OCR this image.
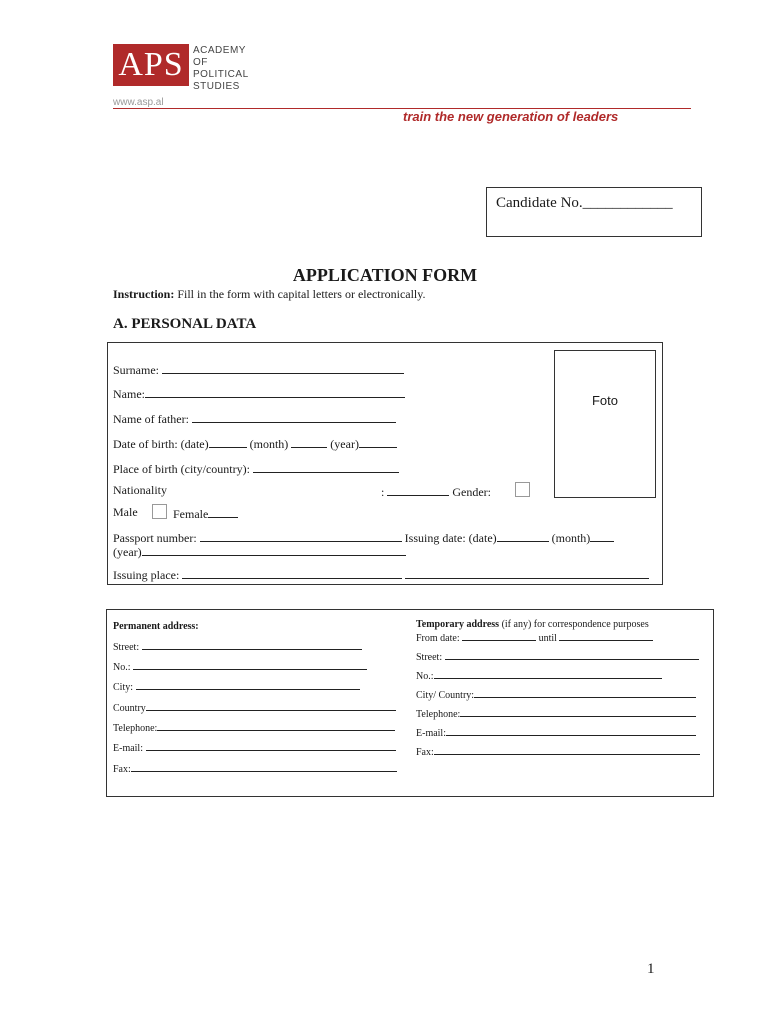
APS ACADEMY OF
POLITICAL
STUDIES
www.asp.al
train the new generation of leaders
Candidate No.____________
APPLICATION FORM
Instruction: Fill in the form with capital letters or electronically.
A. PERSONAL DATA
Foto
Surname:
Name:
Name of father:
Date of birth: (date)	(month)	(year)
Place of birth (city/country):
Nationality	:	Gender:
Male	Female
Passport number:	Issuing date: (date)	(month)
(year)
Issuing place:
Permanent address:
Street:
No.:
City:
Country
Telephone:
E-mail:
Fax:
Temporary address (if any) for correspondence purposes
From date:	until
Street:
No.:
City/ Country:
Telephone:
E-mail:
Fax:
1
